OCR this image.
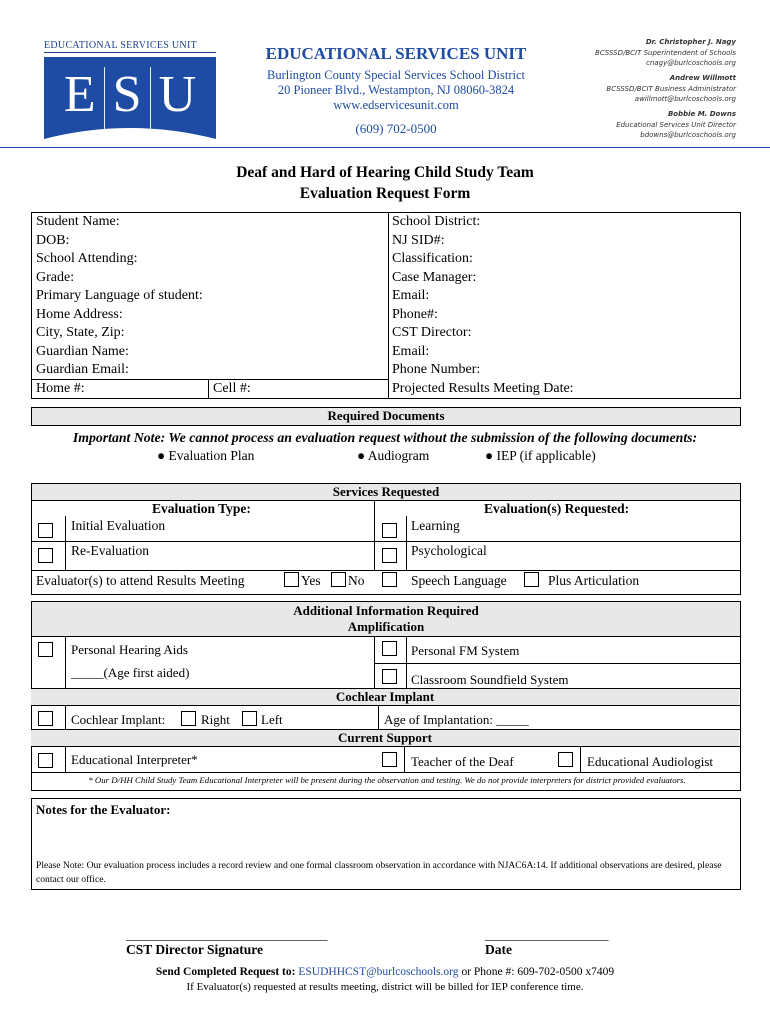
EDUCATIONAL SERVICES UNIT
E S U
EDUCATIONAL SERVICES UNIT
Burlington County Special Services School District
20 Pioneer Blvd., Westampton, NJ 08060-3824
www.edservicesunit.com
(609) 702-0500
Dr. Christopher J. Nagy
BCSSSD/BCIT Superintendent of Schools
cnagy@burlcoschools.org
Andrew Willmott
BCSSSD/BCIT Business Administrator
awillmott@burlcoschools.org
Bobbie M. Downs
Educational Services Unit Director
bdowns@burlcoschools.org
Deaf and Hard of Hearing Child Study Team
Evaluation Request Form
Student Name:
DOB:
School Attending:
Grade:
Primary Language of student:
Home Address:
City, State, Zip:
Guardian Name:
Guardian Email:
Home #:	Cell #:
School District:
NJ SID#:
Classification:
Case Manager:
Email:
Phone#:
CST Director:
Email:
Phone Number:
Projected Results Meeting Date:
Required Documents
Important Note: We cannot process an evaluation request without the submission of the following documents:
● Evaluation Plan	● Audiogram	● IEP (if applicable)
Services Requested
Evaluation Type:	Evaluation(s) Requested:
Initial Evaluation	Learning
Re-Evaluation	Psychological
Evaluator(s) to attend Results Meeting	Yes No	Speech Language	Plus Articulation
Additional Information Required
Amplification
Personal Hearing Aids
_____(Age first aided)
Personal FM System
Classroom Soundfield System
Cochlear Implant
Cochlear Implant:	Right Left	Age of Implantation: _____
Current Support
Educational Interpreter*	Teacher of the Deaf	Educational Audiologist
* Our D/HH Child Study Team Educational Interpreter will be present during the observation and testing. We do not provide interpreters for district provided evaluators.
Notes for the Evaluator:
Please Note: Our evaluation process includes a record review and one formal classroom observation in accordance with NJAC6A:14. If additional observations are desired, please contact our office.
_______________________________
CST Director Signature
___________________
Date
Send Completed Request to: ESUDHHCST@burlcoschools.org or Phone #: 609-702-0500 x7409
If Evaluator(s) requested at results meeting, district will be billed for IEP conference time.
